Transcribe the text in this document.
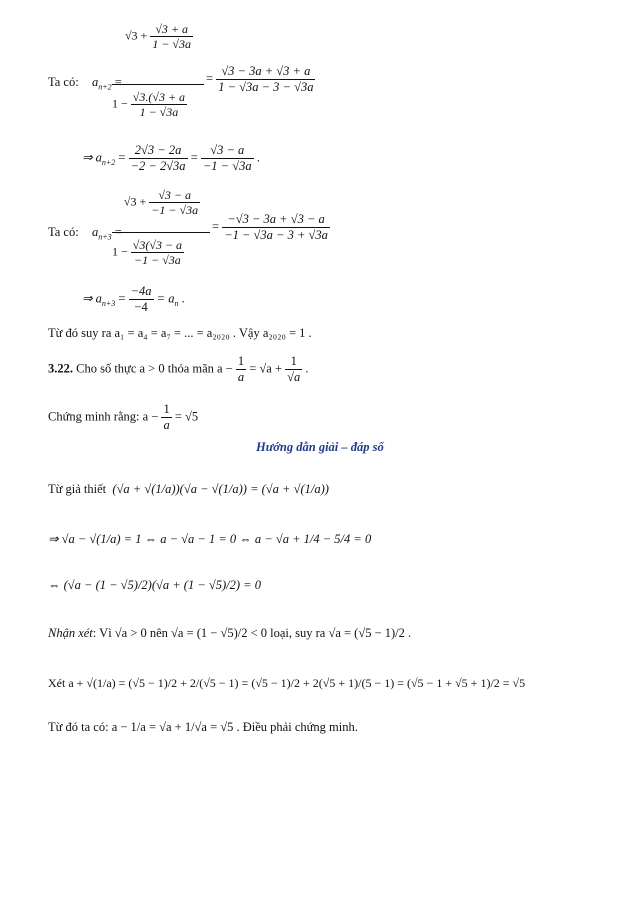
Ta có: $a_{n+2}$ =
$√3 + \frac{√3 + a}{1 - √3a}$
$1 - \frac{√3.(√3 + a}{1 - √3a}$
= $\frac{√3 - 3a + √3 + a}{1 - √3a - 3 - √3a}$
⇒ $a_{n+2} = \frac{2√3 - 2a}{-2 - 2√3a} = \frac{√3 - a}{-1 - √3a}$ .
Ta có: $a_{n+3}$ =
$√3 + \frac{√3 - a}{-1 - √3a}$
$1 - \frac{√3(√3 - a}{-1 - √3a}$
= $\frac{-√3 - 3a + √3 - a}{-1 - √3a - 3 + √3a}$
⇒ $a_{n+3} = \frac{-4a}{-4} = a_n$ .
Từ đó suy ra a₁ = a₄ = a₇ = ... = a₂₀₂₀ . Vậy a₂₀₂₀ = 1 .
3.22. Cho số thực a > 0 thỏa mãn $a - \frac{1}{a} = √a + \frac{1}{√a}$ .
Chứng minh rằng: $a - \frac{1}{a} = √5$
Hướng dẫn giải – đáp số
Từ giả thiết (√a + √(1/a))(√a − √(1/a)) = (√a + √(1/a))
⇒ √a − √(1/a) = 1 ⇔ a − √a − 1 = 0 ⇔ a − √a + 1/4 − 5/4 = 0
⇔ (√a − (1 − √5)/2)(√a + (1 − √5)/2) = 0
Nhận xét: Vì √a > 0 nên √a = (1 − √5)/2 < 0 loại, suy ra √a = (√5 − 1)/2 .
Xét a + √(1/a) = (√5 − 1)/2 + 2/(√5 − 1) = (√5 − 1)/2 + 2(√5 + 1)/(5 − 1) = (√5 − 1 + √5 + 1)/2 = √5
Từ đó ta có: a − 1/a = √a + 1/√a = √5 . Điều phải chứng minh.
